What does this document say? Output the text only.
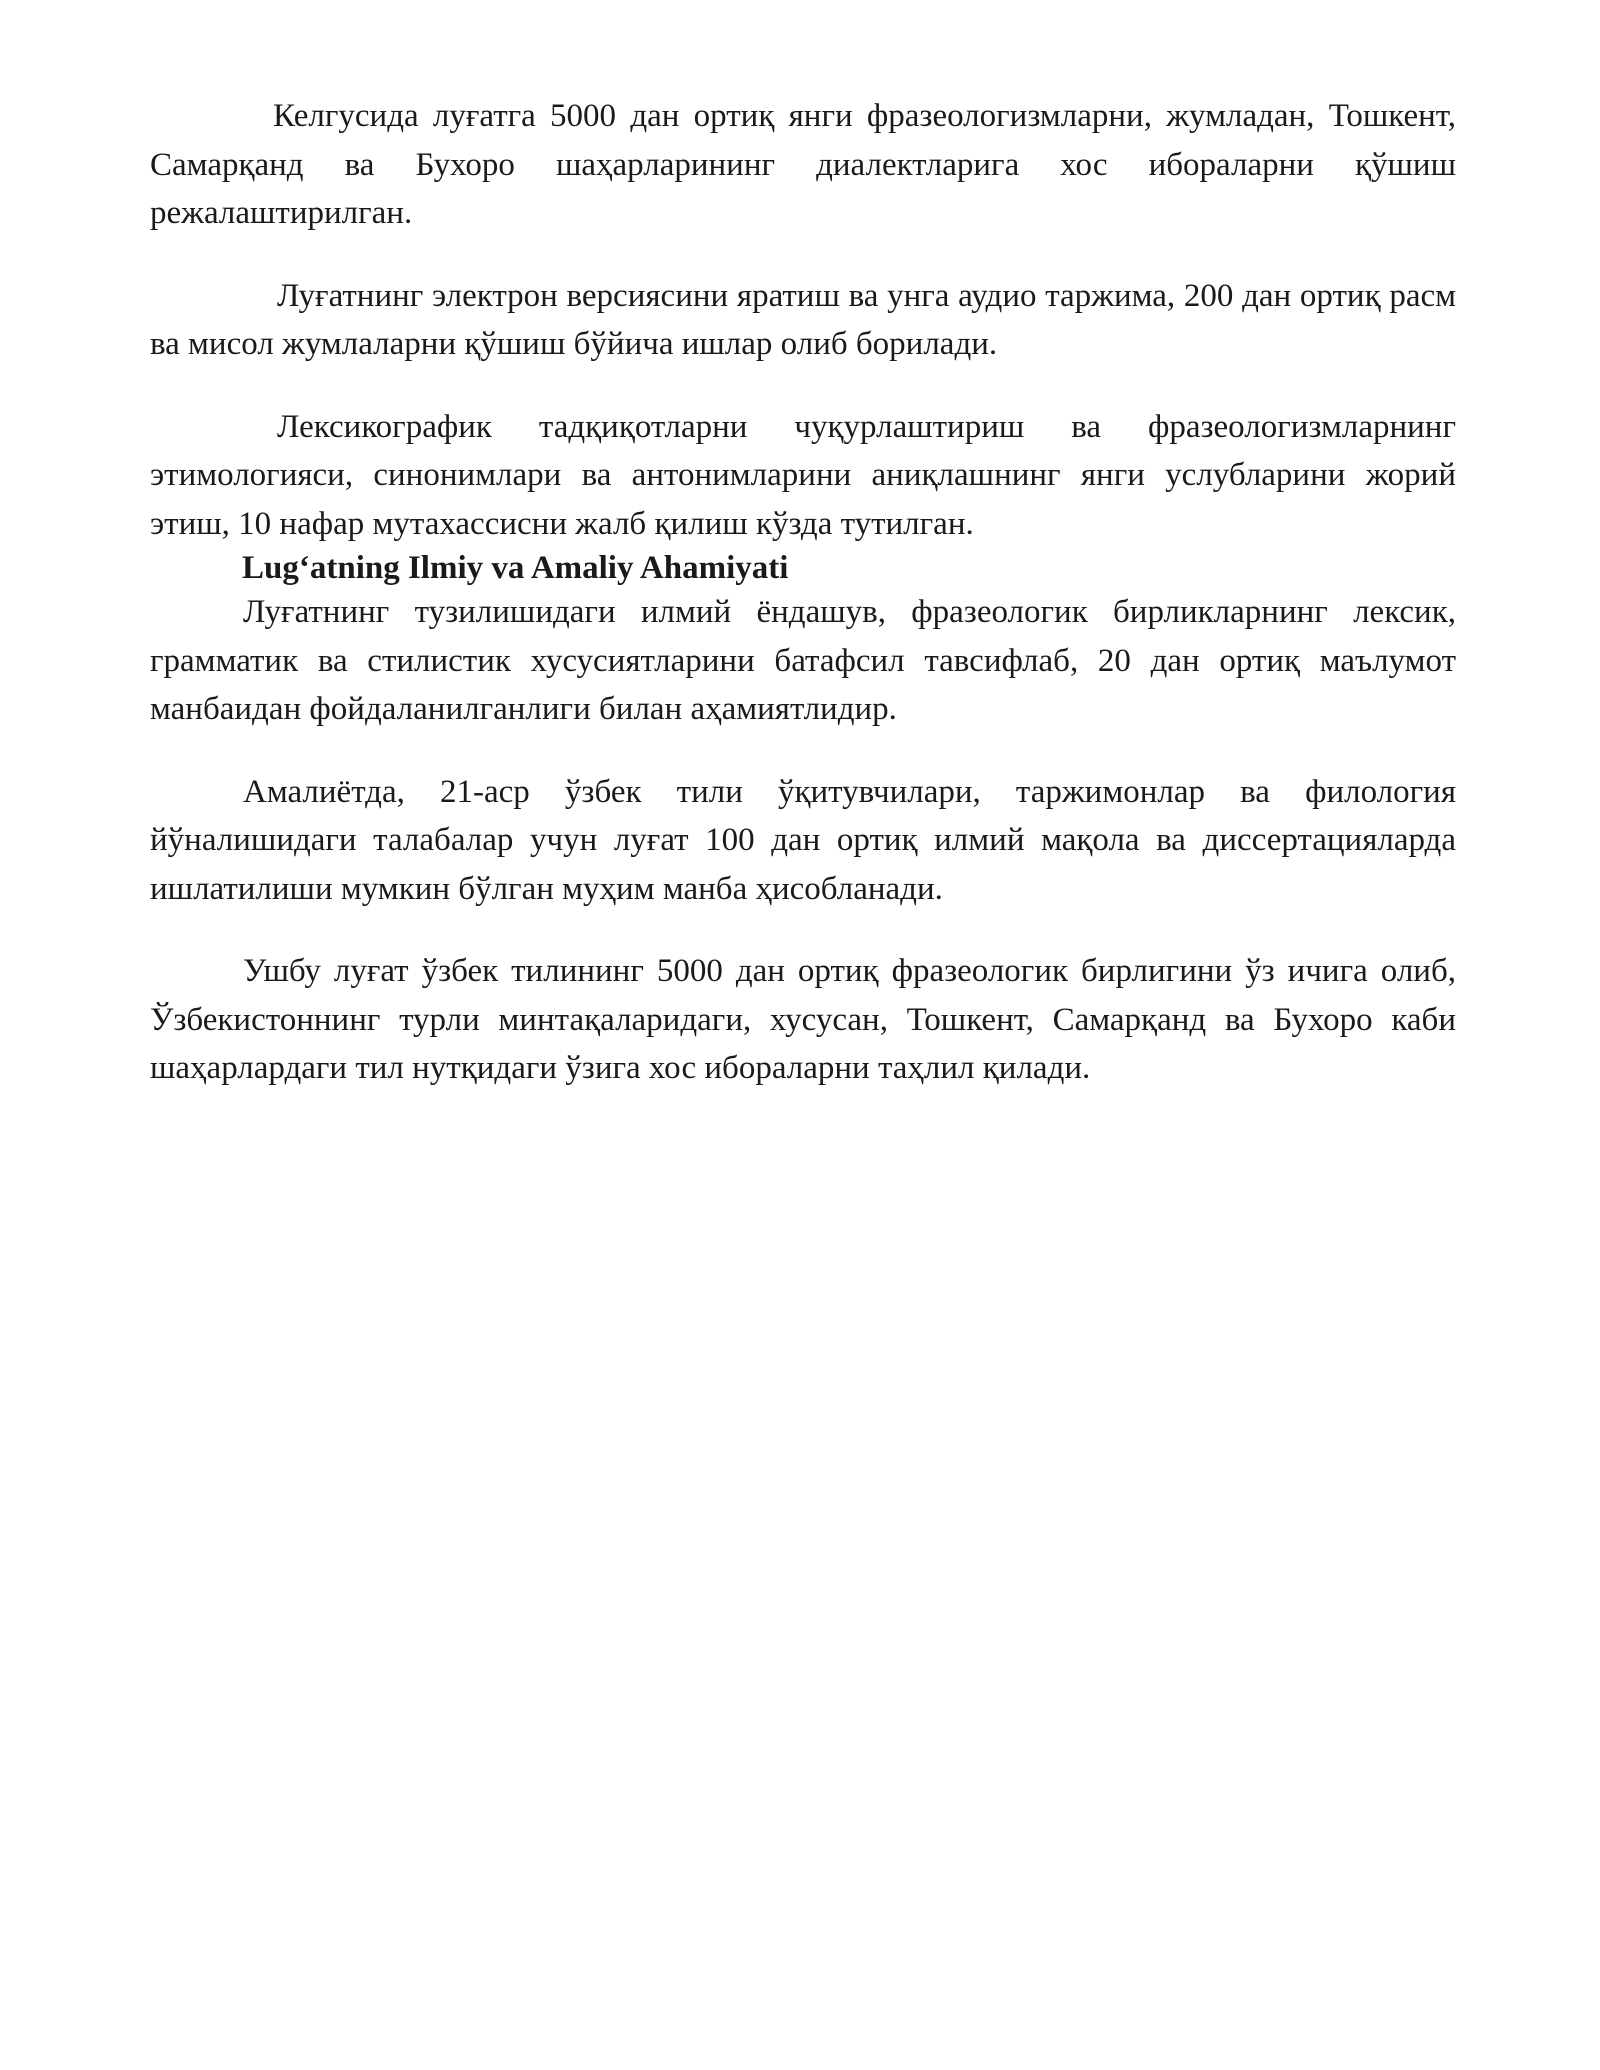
Келгусида луғатга 5000 дан ортиқ янги фразеологизмларни, жумладан, Тошкент, Самарқанд ва Бухоро шаҳарларининг диалектларига хос ибораларни қўшиш режалаштирилган.

Луғатнинг электрон версиясини яратиш ва унга аудио таржима, 200 дан ортиқ расм ва мисол жумлаларни қўшиш бўйича ишлар олиб борилади.

Лексикографик тадқиқотларни чуқурлаштириш ва фразеологизмларнинг этимологияси, синонимлари ва антонимларини аниқлашнинг янги услубларини жорий этиш, 10 нафар мутахассисни жалб қилиш кўзда тутилган.

Lugʻatning Ilmiy va Amaliy Ahamiyati

Луғатнинг тузилишидаги илмий ёндашув, фразеологик бирликларнинг лексик, грамматик ва стилистик хусусиятларини батафсил тавсифлаб, 20 дан ортиқ маълумот манбаидан фойдаланилганлиги билан аҳамиятлидир.

Амалиётда, 21-аср ўзбек тили ўқитувчилари, таржимонлар ва филология йўналишидаги талабалар учун луғат 100 дан ортиқ илмий мақола ва диссертацияларда ишлатилиши мумкин бўлган муҳим манба ҳисобланади.

Ушбу луғат ўзбек тилининг 5000 дан ортиқ фразеологик бирлигини ўз ичига олиб, Ўзбекистоннинг турли минтақаларидаги, хусусан, Тошкент, Самарқанд ва Бухоро каби шаҳарлардаги тил нутқидаги ўзига хос ибораларни таҳлил қилади.
